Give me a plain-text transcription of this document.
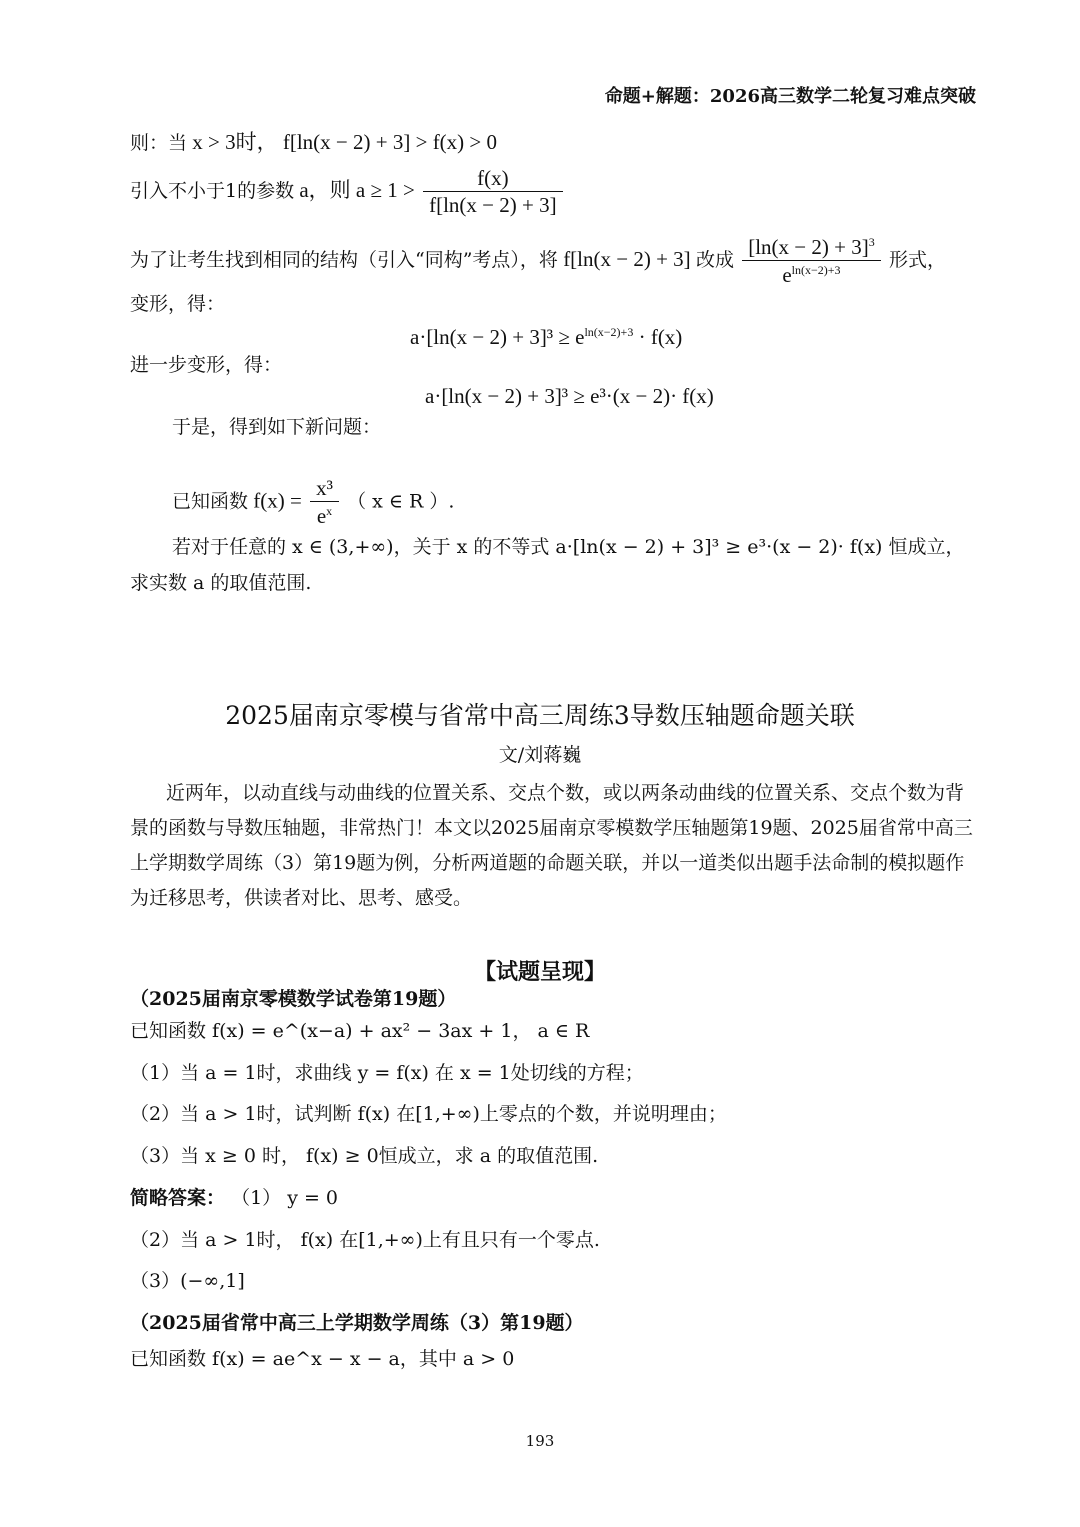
命题+解题：2026高三数学二轮复习难点突破
则：当 x > 3时， f[ln(x − 2) + 3] > f(x) > 0
引入不小于1的参数 a，则 $a \ge 1 > \frac{f(x)}{f[\ln(x - 2) + 3]}$
为了让考生找到相同的结构（引入“同构”考点），将 f[ln(x − 2) + 3] 改成 $\frac{[\ln(x - 2) + 3]^3}{e^{ln(x-2)+3}}$ 形式，
变形，得：
$a\cdot[\ln(x - 2) + 3]^3 \ge e^{ln(x-2)+3} \cdot f(x)$
进一步变形，得：
a·[ln(x − 2) + 3]³ ≥ e³·(x − 2)· f(x)
于是，得到如下新问题：
已知函数 $f(x) = \frac{\text{x³}}{e^x}$ （ x ∈ R ）.
若对于任意的 x ∈ (3,+∞)，关于 x 的不等式 a·[ln(x − 2) + 3]³ ≥ e³·(x − 2)· f(x) 恒成立，
求实数 a 的取值范围.
2025届南京零模与省常中高三周练3导数压轴题命题关联
文/刘蒋巍
近两年，以动直线与动曲线的位置关系、交点个数，或以两条动曲线的位置关系、交点个数为背景的函数与导数压轴题，非常热门！本文以2025届南京零模数学压轴题第19题、2025届省常中高三上学期数学周练（3）第19题为例，分析两道题的命题关联，并以一道类似出题手法命制的模拟题作为迁移思考，供读者对比、思考、感受。
【试题呈现】
（2025届南京零模数学试卷第19题）
已知函数 f(x) = e^(x−a) + ax² − 3ax + 1， a ∈ R
（1）当 a = 1时，求曲线 y = f(x) 在 x = 1处切线的方程；
（2）当 a > 1时，试判断 f(x) 在[1,+∞)上零点的个数，并说明理由；
（3）当 x ≥ 0 时， f(x) ≥ 0恒成立，求 a 的取值范围.
简略答案： （1） y = 0
（2）当 a > 1时， f(x) 在[1,+∞)上有且只有一个零点.
（3）(−∞,1]
（2025届省常中高三上学期数学周练（3）第19题）
已知函数 f(x) = ae^x − x − a，其中 a > 0
193
